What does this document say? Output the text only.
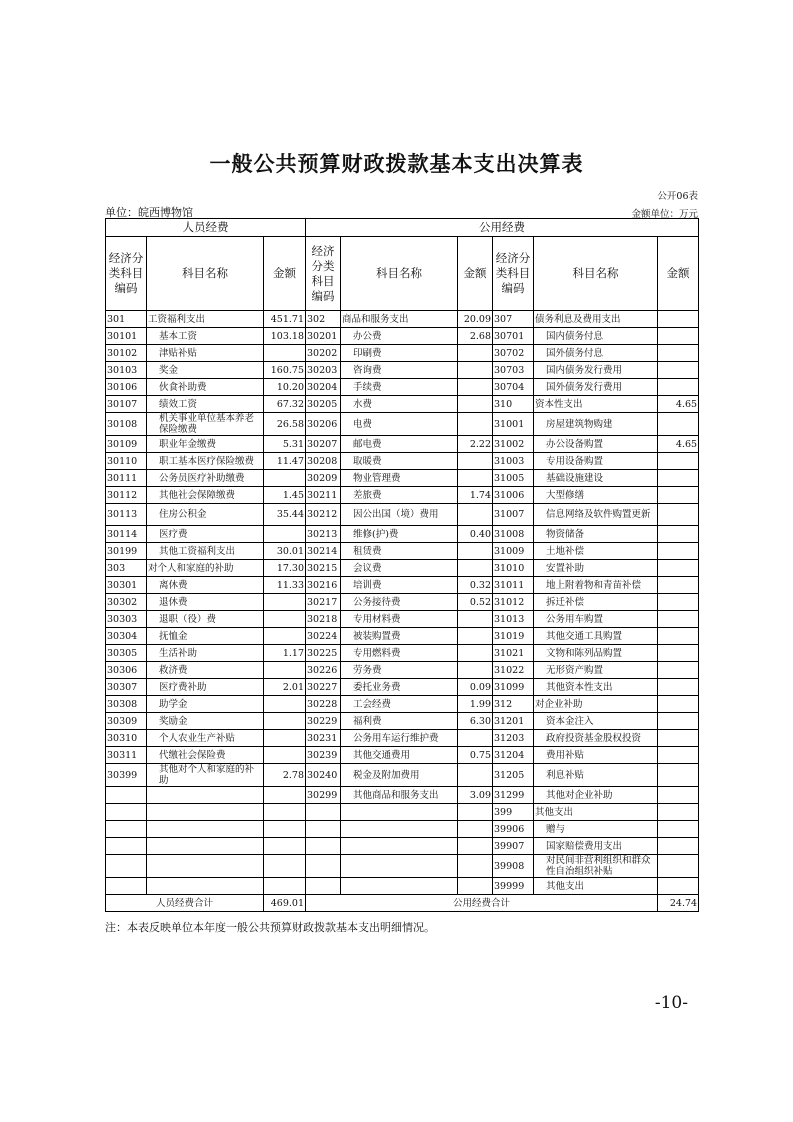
一般公共预算财政拨款基本支出决算表
公开06表
单位：皖西博物馆	金额单位：万元
人员经费			公用经费					
经济分类科目编码	科目名称	金额	经济分类科目编码	科目名称	金额	经济分类科目编码	科目名称	金额
301	工资福利支出	451.71	302	商品和服务支出	20.09	307	债务利息及费用支出	
30101	基本工资	103.18	30201	办公费	2.68	30701	国内债务付息	
30102	津贴补贴		30202	印刷费		30702	国外债务付息	
30103	奖金	160.75	30203	咨询费		30703	国内债务发行费用	
30106	伙食补助费	10.20	30204	手续费		30704	国外债务发行费用	
30107	绩效工资	67.32	30205	水费		310	资本性支出	4.65
30108	机关事业单位基本养老保险缴费	26.58	30206	电费		31001	房屋建筑物购建	
30109	职业年金缴费	5.31	30207	邮电费	2.22	31002	办公设备购置	4.65
30110	职工基本医疗保险缴费	11.47	30208	取暖费		31003	专用设备购置	
30111	公务员医疗补助缴费		30209	物业管理费		31005	基础设施建设	
30112	其他社会保障缴费	1.45	30211	差旅费	1.74	31006	大型修缮	
30113	住房公积金	35.44	30212	因公出国（境）费用		31007	信息网络及软件购置更新	
30114	医疗费		30213	维修(护)费	0.40	31008	物资储备	
30199	其他工资福利支出	30.01	30214	租赁费		31009	土地补偿	
303	对个人和家庭的补助	17.30	30215	会议费		31010	安置补助	
30301	离休费	11.33	30216	培训费	0.32	31011	地上附着物和青苗补偿	
30302	退休费		30217	公务接待费	0.52	31012	拆迁补偿	
30303	退职（役）费		30218	专用材料费		31013	公务用车购置	
30304	抚恤金		30224	被装购置费		31019	其他交通工具购置	
30305	生活补助	1.17	30225	专用燃料费		31021	文物和陈列品购置	
30306	救济费		30226	劳务费		31022	无形资产购置	
30307	医疗费补助	2.01	30227	委托业务费	0.09	31099	其他资本性支出	
30308	助学金		30228	工会经费	1.99	312	对企业补助	
30309	奖励金		30229	福利费	6.30	31201	资本金注入	
30310	个人农业生产补贴		30231	公务用车运行维护费		31203	政府投资基金股权投资	
30311	代缴社会保险费		30239	其他交通费用	0.75	31204	费用补贴	
30399	其他对个人和家庭的补助	2.78	30240	税金及附加费用		31205	利息补贴	
			30299	其他商品和服务支出	3.09	31299	其他对企业补助	
						399	其他支出	
						39906	赠与	
						39907	国家赔偿费用支出	
						39908	对民间非营利组织和群众性自治组织补贴	
						39999	其他支出	
人员经费合计		469.01	公用经费合计					24.74
注：本表反映单位本年度一般公共预算财政拨款基本支出明细情况。
-10-
